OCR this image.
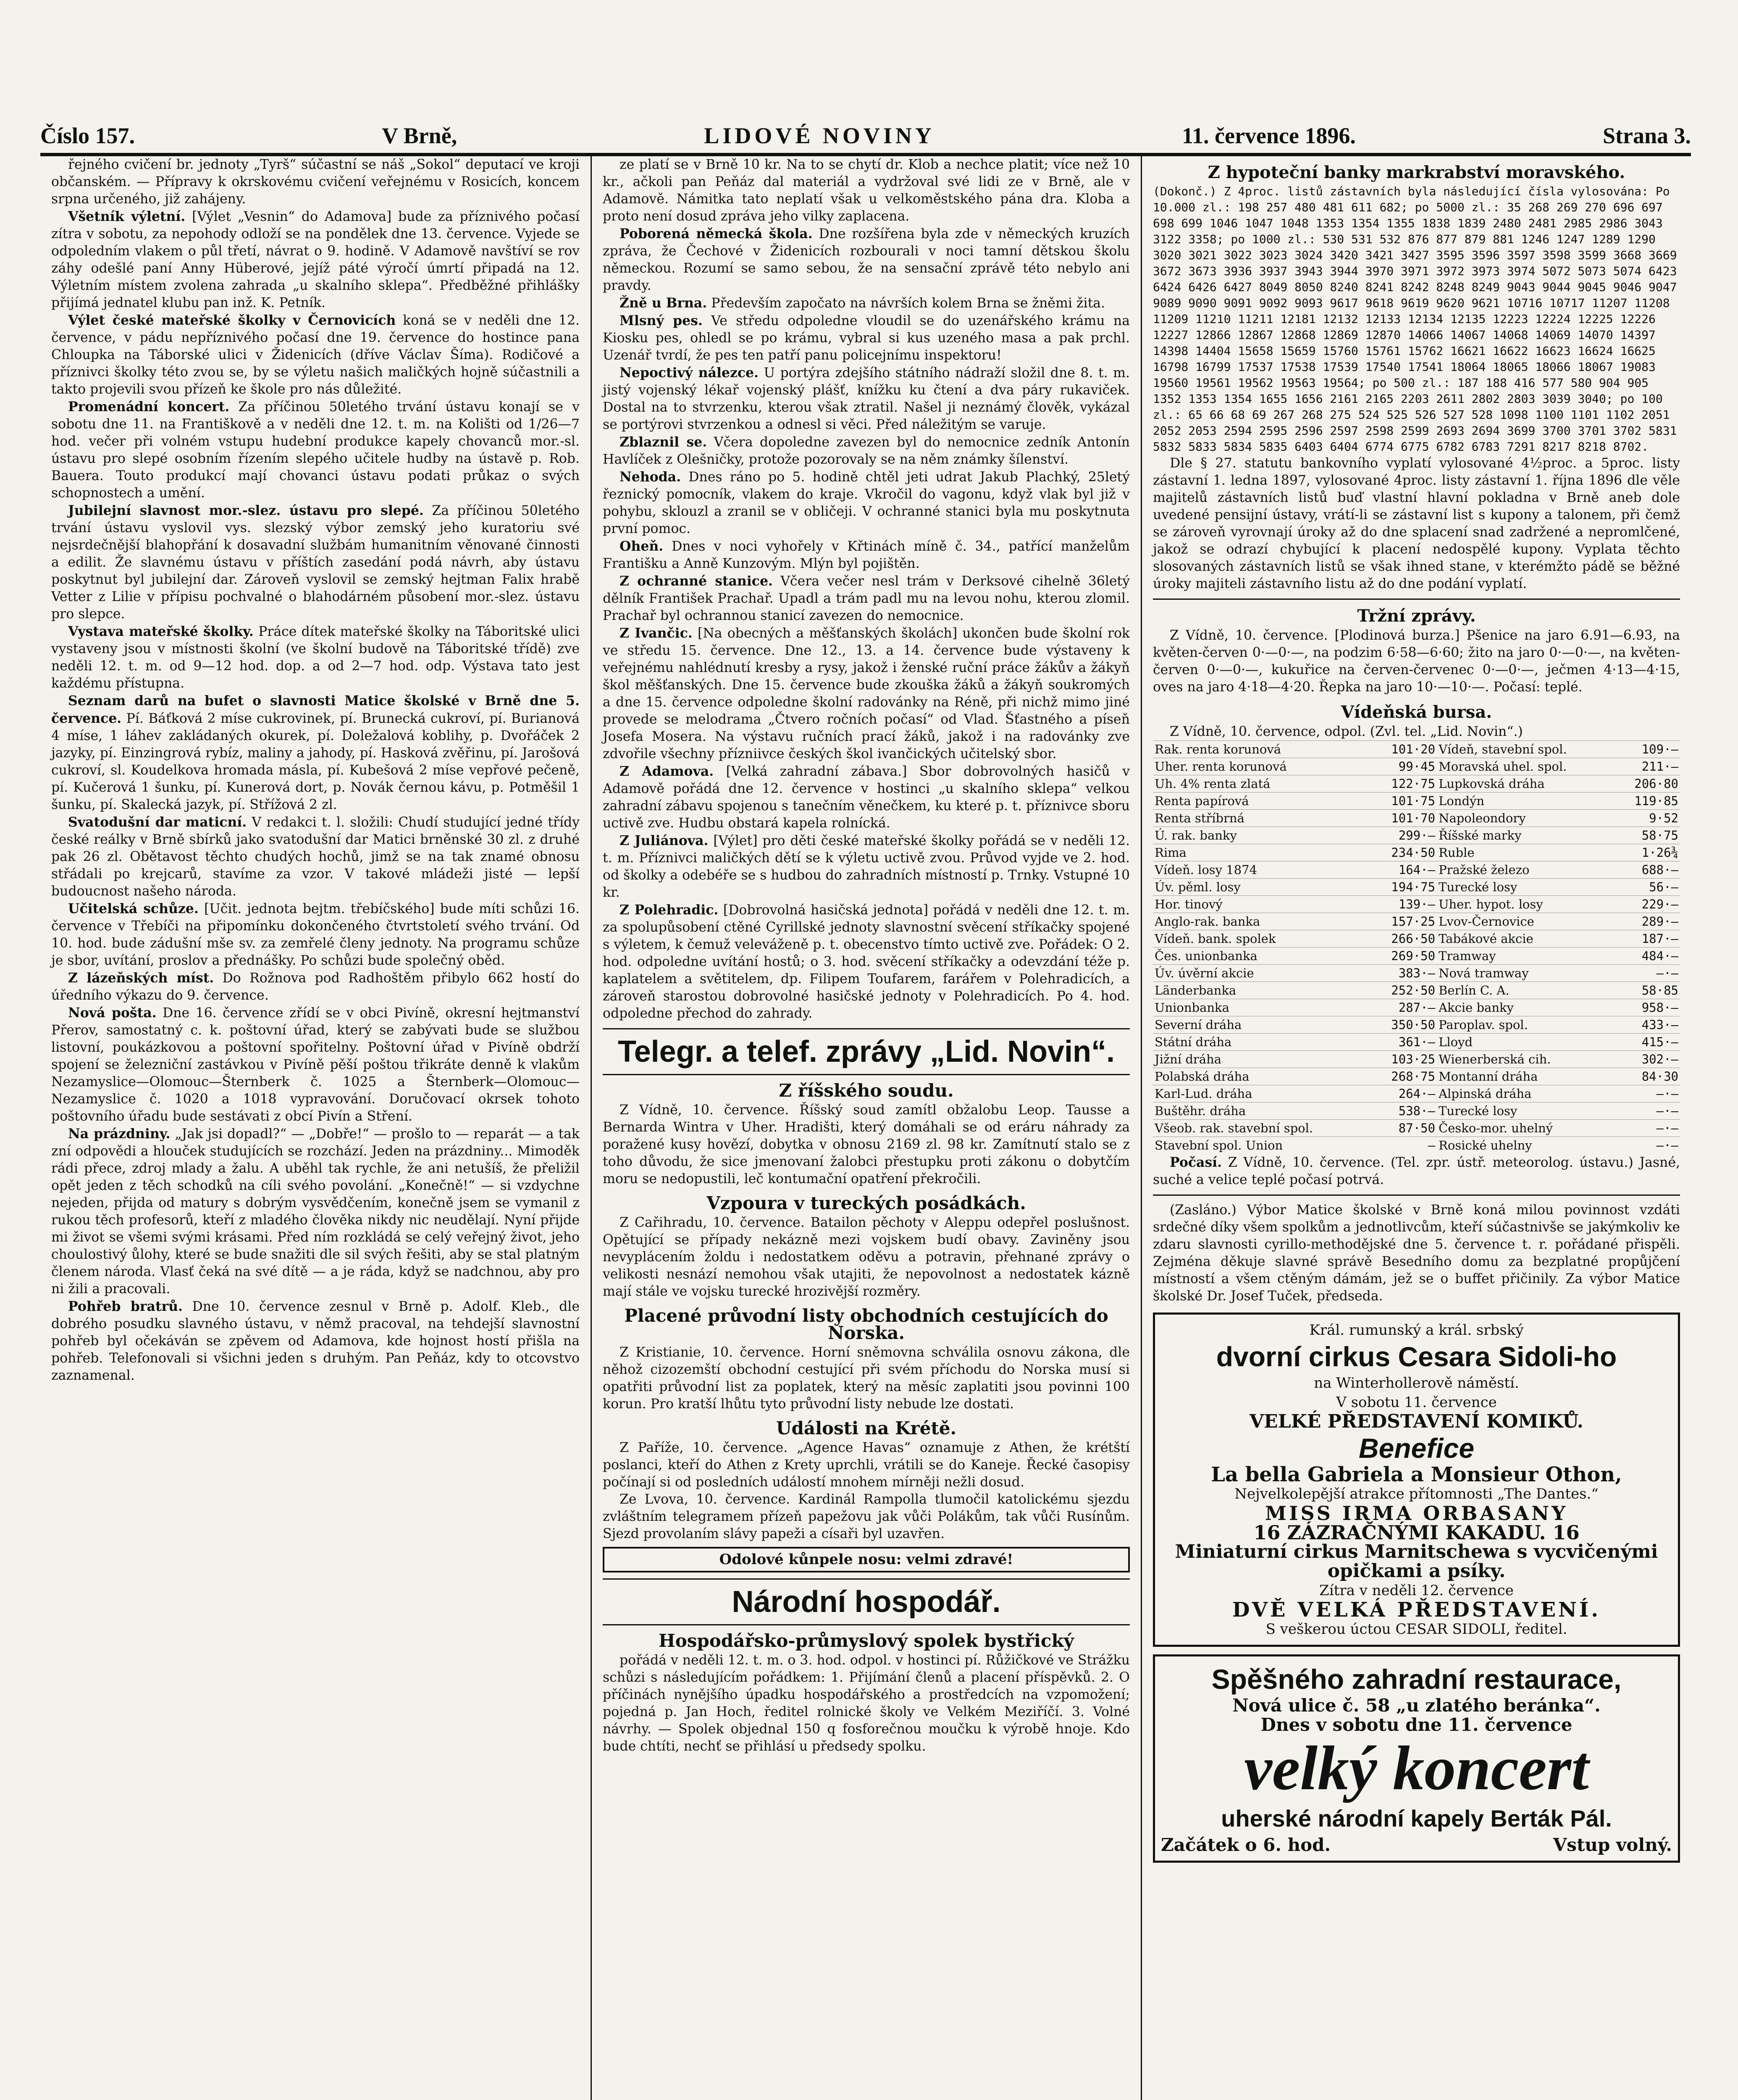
Číslo 157.	V Brně,	LIDOVÉ NOVINY	11. července 1896.	Strana 3.

řejného cvičení br. jednoty „Tyrš“ súčastní se náš „Sokol“ deputací ve kroji občanském. — Přípravy k okrskovému cvičení veřejnému v Rosicích, koncem srpna určeného, již zahájeny.

Všetník výletní. [Výlet „Vesnin“ do Adamova] bude za příznivého počasí zítra v sobotu, za nepohody odloží se na pondělek dne 13. července. Vyjede se odpoledním vlakem o půl třetí, návrat o 9. hodině. V Adamově navštíví se rov záhy odešlé paní Anny Hüberové, jejíž páté výročí úmrtí připadá na 12. Výletním místem zvolena zahrada „u skalního sklepa“. Předběžné přihlášky přijímá jednatel klubu pan inž. K. Petník.

Výlet české mateřské školky v Černovicích koná se v neděli dne 12. července, v pádu nepříznivého počasí dne 19. července do hostince pana Chloupka na Táborské ulici v Židenicích (dříve Václav Šíma). Rodičové a příznivci školky této zvou se, by se výletu našich maličkých hojně súčastnili a takto projevili svou přízeň ke škole pro nás důležité.

Promenádní koncert. Za příčinou 50letého trvání ústavu konají se v sobotu dne 11. na Františkově a v neděli dne 12. t. m. na Kolišti od 1/26—7 hod. večer při volném vstupu hudební produkce kapely chovanců mor.-sl. ústavu pro slepé osobním řízením slepého učitele hudby na ústavě p. Rob. Bauera. Touto produkcí mají chovanci ústavu podati průkaz o svých schopnostech a umění.

Jubilejní slavnost mor.-slez. ústavu pro slepé. Za příčinou 50letého trvání ústavu vyslovil vys. slezský výbor zemský jeho kuratoriu své nejsrdečnější blahopřání k dosavadní službám humanitním věnované činnosti a edilit. Že slavnému ústavu v příštích zasedání podá návrh, aby ústavu poskytnut byl jubilejní dar. Zároveň vyslovil se zemský hejtman Falix hrabě Vetter z Lilie v přípisu pochvalné o blahodárném působení mor.-slez. ústavu pro slepce.

Vystava mateřské školky. Práce dítek mateřské školky na Táboritské ulici vystaveny jsou v místnosti školní (ve školní budově na Táboritské třídě) zve neděli 12. t. m. od 9—12 hod. dop. a od 2—7 hod. odp. Výstava tato jest každému přístupna.

Seznam darů na bufet o slavnosti Matice školské v Brně dne 5. července. Pí. Báťková 2 míse cukrovinek, pí. Brunecká cukroví, pí. Burianová 4 míse, 1 láhev zakládaných okurek, pí. Doležalová koblihy, p. Dvořáček 2 jazyky, pí. Einzingrová rybíz, maliny a jahody, pí. Hasková zvěřinu, pí. Jarošová cukroví, sl. Koudelkova hromada másla, pí. Kubešová 2 míse vepřové pečeně, pí. Kučerová 1 šunku, pí. Kunerová dort, p. Novák černou kávu, p. Potměšil 1 šunku, pí. Skalecká jazyk, pí. Střížová 2 zl.

Svatodušní dar maticní. V redakci t. l. složili: Chudí studující jedné třídy české reálky v Brně sbírků jako svatodušní dar Matici brněnské 30 zl. z druhé pak 26 zl. Obětavost těchto chudých hochů, jimž se na tak znamé obnosu střádali po krejcarů, stavíme za vzor. V takové mládeži jisté — lepší budoucnost našeho národa.

Učitelská schůze. [Učit. jednota bejtm. třebíčského] bude míti schůzi 16. července v Třebíči na připomínku dokončeného čtvrtstoletí svého trvání. Od 10. hod. bude zádušní mše sv. za zemřelé členy jednoty. Na programu schůze je sbor, uvítání, proslov a přednášky. Po schůzi bude společný oběd.

Z lázeňských míst. Do Rožnova pod Radhoštěm přibylo 662 hostí do úředního výkazu do 9. července.

Nová pošta. Dne 16. července zřídí se v obci Pivíně, okresní hejtmanství Přerov, samostatný c. k. poštovní úřad, který se zabývati bude se službou listovní, poukázkovou a poštovní spořitelny. Poštovní úřad v Pivíně obdrží spojení se železniční zastávkou v Pivíně pěší poštou třikráte denně k vlakům Nezamyslice—Olomouc—Šternberk č. 1025 a Šternberk—Olomouc—Nezamyslice č. 1020 a 1018 vypravování. Doručovací okrsek tohoto poštovního úřadu bude sestávati z obcí Pivín a Stření.

Na prázdniny. „Jak jsi dopadl?“ — „Dobře!“ — prošlo to — reparát — a tak zní odpovědi a hlouček studujících se rozchází. Jeden na prázdniny... Mimoděk rádi přece, zdroj mlady a žalu. A uběhl tak rychle, že ani netušíš, že přeližil opět jeden z těch schodků na cíli svého povolání. „Konečně!“ — si vzdychne nejeden, přijda od matury s dobrým vysvědčením, konečně jsem se vymanil z rukou těch profesorů, kteří z mladého člověka nikdy nic neudělají. Nyní přijde mi život se všemi svými krásami. Před ním rozkládá se celý veřejný život, jeho choulostivý ůlohy, které se bude snažiti dle sil svých řešiti, aby se stal platným členem národa. Vlasť čeká na své dítě — a je ráda, když se nadchnou, aby pro ni žili a pracovali.

Pohřeb bratrů. Dne 10. července zesnul v Brně p. Adolf. Kleb., dle dobrého posudku slavného ústavu, v němž pracoval, na tehdejší slavnostní pohřeb byl očekáván se zpěvem od Adamova, kde hojnost hostí přišla na pohřeb. Telefonovali si všichni jeden s druhým. Pan Peňáz, kdy to otcovstvo zaznamenal.

ze platí se v Brně 10 kr. Na to se chytí dr. Klob a nechce platit; více než 10 kr., ačkoli pan Peňáz dal materiál a vydržoval své lidi ze v Brně, ale v Adamově. Námitka tato neplatí však u velkoměstského pána dra. Kloba a proto není dosud zpráva jeho vilky zaplacena.

Poborená německá škola. Dne rozšířena byla zde v německých kruzích zpráva, že Čechové v Židenicích rozbourali v noci tamní dětskou školu německou. Rozumí se samo sebou, že na sensační zprávě této nebylo ani pravdy.

Žně u Brna. Především započato na návrších kolem Brna se žněmi žita.

Mlsný pes. Ve středu odpoledne vloudil se do uzenářského krámu na Kiosku pes, ohledl se po krámu, vybral si kus uzeného masa a pak prchl. Uzenář tvrdí, že pes ten patří panu policejnímu inspektoru!

Nepoctivý nálezce. U portýra zdejšího státního nádraží složil dne 8. t. m. jistý vojenský lékař vojenský plášť, knížku ku čtení a dva páry rukaviček. Dostal na to stvrzenku, kterou však ztratil. Našel ji neznámý člověk, vykázal se portýrovi stvrzenkou a odnesl si věci. Před náležitým se varuje.

Zblaznil se. Včera dopoledne zavezen byl do nemocnice zedník Antonín Havlíček z Olešničky, protože pozorovaly se na něm známky šílenství.

Nehoda. Dnes ráno po 5. hodině chtěl jeti udrat Jakub Plachký, 25letý řeznický pomocník, vlakem do kraje. Vkročil do vagonu, když vlak byl již v pohybu, sklouzl a zranil se v obličeji. V ochranné stanici byla mu poskytnuta první pomoc.

Oheň. Dnes v noci vyhořely v Křtinách míně č. 34., patřící manželům Františku a Anně Kunzovým. Mlýn byl pojištěn.

Z ochranné stanice. Včera večer nesl trám v Derksové cihelně 36letý dělník František Prachař. Upadl a trám padl mu na levou nohu, kterou zlomil. Prachař byl ochrannou stanicí zavezen do nemocnice.

Z Ivančic. [Na obecných a měšťanských školách] ukončen bude školní rok ve středu 15. července. Dne 12., 13. a 14. července bude výstaveny k veřejnému nahlédnutí kresby a rysy, jakož i ženské ruční práce žákův a žákyň škol měšťanských. Dne 15. července bude zkouška žáků a žákyň soukromých a dne 15. července odpoledne školní radovánky na Réně, při nichž mimo jiné provede se melodrama „Čtvero ročních počasí“ od Vlad. Šťastného a píseň Josefa Mosera. Na výstavu ručních prací žáků, jakož i na radovánky zve zdvořile všechny přízniivce českých škol ivančických učitelský sbor.

Z Adamova. [Velká zahradní zábava.] Sbor dobrovolných hasičů v Adamově pořádá dne 12. července v hostinci „u skalního sklepa“ velkou zahradní zábavu spojenou s tanečním věnečkem, ku které p. t. příznivce sboru uctivě zve. Hudbu obstará kapela rolnícká.

Z Juliánova. [Výlet] pro děti české mateřské školky pořádá se v neděli 12. t. m. Příznivci maličkých dětí se k výletu uctivě zvou. Průvod vyjde ve 2. hod. od školky a odebéře se s hudbou do zahradních místností p. Trnky. Vstupné 10 kr.

Z Polehradic. [Dobrovolná hasičská jednota] pořádá v neděli dne 12. t. m. za spolupůsobení ctěné Cyrillské jednoty slavnostní svěcení stříkačky spojené s výletem, k čemuž veleváženě p. t. obecenstvo tímto uctivě zve. Pořádek: O 2. hod. odpoledne uvítání hostů; o 3. hod. svěcení stříkačky a odevzdání téže p. kaplatelem a světitelem, dp. Filipem Toufarem, farářem v Polehradicích, a zároveň starostou dobrovolné hasičské jednoty v Polehradicích. Po 4. hod. odpoledne přechod do zahrady.

Telegr. a telef. zprávy „Lid. Novin“.
Z říšského soudu.

Z Vídně, 10. července. Říšský soud zamítl obžalobu Leop. Tausse a Bernarda Wintra v Uher. Hradišti, který domáhali se od eráru náhrady za poražené kusy hovězí, dobytka v obnosu 2169 zl. 98 kr. Zamítnutí stalo se z toho důvodu, že sice jmenovaní žalobci přestupku proti zákonu o dobytčím moru se nedopustili, leč kontumační opatření překročili.

Vzpoura v tureckých posádkách.

Z Cařihradu, 10. července. Batailon pěchoty v Aleppu odepřel poslušnost. Opětující se případy nekázně mezi vojskem budí obavy. Zaviněny jsou nevyplácením žoldu i nedostatkem oděvu a potravin, přehnané zprávy o velikosti nesnází nemohou však utajiti, že nepovolnost a nedostatek kázně mají stále ve vojsku turecké hrozivější rozměry.

Placené průvodní listy obchodních cestujících do Norska.

Z Kristianie, 10. července. Horní sněmovna schválila osnovu zákona, dle něhož cizozemští obchodní cestující při svém příchodu do Norska musí si opatřiti průvodní list za poplatek, který na měsíc zaplatiti jsou povinni 100 korun. Pro kratší lhůtu tyto průvodní listy nebude lze dostati.

Události na Krétě.

Z Paříže, 10. července. „Agence Havas“ oznamuje z Athen, že krétští poslanci, kteří do Athen z Krety uprchli, vrátili se do Kaneje. Řecké časopisy počínají si od posledních událostí mnohem mírněji nežli dosud.

Ze Lvova, 10. července. Kardinál Rampolla tlumočil katolickému sjezdu zvláštním telegramem přízeň papežovu jak vůči Polákům, tak vůči Rusínům. Sjezd provolaním slávy papeži a císaři byl uzavřen.

Odolové kůnpele nosu: velmi zdravé!
Národní hospodář.
Hospodářsko-průmyslový spolek bystřický

pořádá v neděli 12. t. m. o 3. hod. odpol. v hostinci pí. Růžičkové ve Strážku schůzi s následujícím pořádkem: 1. Přijímání členů a placení příspěvků. 2. O příčinách nynějšího úpadku hospodářského a prostředcích na vzpomožení; pojedná p. Jan Hoch, ředitel rolnické školy ve Velkém Meziříčí. 3. Volné návrhy. — Spolek objednal 150 q fosforečnou moučku k výrobě hnoje. Kdo bude chtíti, nechť se přihlásí u předsedy spolku.

Z hypoteční banky markrabství moravského.
(Dokonč.) Z 4proc. listů zástavních byla následující čísla vylosována: Po 10.000 zl.: 198 257 480 481 611 682; po 5000 zl.: 35 268 269 270 696 697 698 699 1046 1047 1048 1353 1354 1355 1838 1839 2480 2481 2985 2986 3043 3122 3358; po 1000 zl.: 530 531 532 876 877 879 881 1246 1247 1289 1290 3020 3021 3022 3023 3024 3420 3421 3427 3595 3596 3597 3598 3599 3668 3669 3672 3673 3936 3937 3943 3944 3970 3971 3972 3973 3974 5072 5073 5074 6423 6424 6426 6427 8049 8050 8240 8241 8242 8248 8249 9043 9044 9045 9046 9047 9089 9090 9091 9092 9093 9617 9618 9619 9620 9621 10716 10717 11207 11208 11209 11210 11211 12181 12132 12133 12134 12135 12223 12224 12225 12226 12227 12866 12867 12868 12869 12870 14066 14067 14068 14069 14070 14397 14398 14404 15658 15659 15760 15761 15762 16621 16622 16623 16624 16625 16798 16799 17537 17538 17539 17540 17541 18064 18065 18066 18067 19083 19560 19561 19562 19563 19564; po 500 zl.: 187 188 416 577 580 904 905 1352 1353 1354 1655 1656 2161 2165 2203 2611 2802 2803 3039 3040; po 100 zl.: 65 66 68 69 267 268 275 524 525 526 527 528 1098 1100 1101 1102 2051 2052 2053 2594 2595 2596 2597 2598 2599 2693 2694 3699 3700 3701 3702 5831 5832 5833 5834 5835 6403 6404 6774 6775 6782 6783 7291 8217 8218 8702.

Dle § 27. statutu bankovního vyplatí vylosované 4½proc. a 5proc. listy zástavní 1. ledna 1897, vylosované 4proc. listy zástavní 1. října 1896 dle věle majitelů zástavních listů buď vlastní hlavní pokladna v Brně aneb dole uvedené pensijní ústavy, vrátí-li se zástavní list s kupony a talonem, při čemž se zároveň vyrovnají úroky až do dne splacení snad zadržené a nepromlčené, jakož se odrazí chybující k placení nedospělé kupony. Vyplata těchto slosovaných zástavních listů se však ihned stane, v kterémžto pádě se běžné úroky majiteli zástavního listu až do dne podání vyplatí.

Tržní zprávy.

Z Vídně, 10. července. [Plodinová burza.] Pšenice na jaro 6.91—6.93, na květen-červen 0·—0·—, na podzim 6·58—6·60; žito na jaro 0·—0·—, na květen-červen 0·—0·—, kukuřice na červen-červenec 0·—0·—, ječmen 4·13—4·15, oves na jaro 4·18—4·20. Řepka na jaro 10·—10·—. Počasí: teplé.

Vídeňská bursa.

Z Vídně, 10. července, odpol. (Zvl. tel. „Lid. Novin“.)

Rak. renta korunová	101·20	Vídeň, stavební spol.	109·—
Uher. renta korunová	99·45	Moravská uhel. spol.	211·—
Uh. 4% renta zlatá	122·75	Lupkovská dráha	206·80
Renta papírová	101·75	Londýn	119·85
Renta stříbrná	101·70	Napoleondory	9·52
Ú. rak. banky	299·—	Říšské marky	58·75
Rima	234·50	Ruble	1·26¾
Vídeň. losy 1874	164·—	Pražské železo	688·—
Úv. pěml. losy	194·75	Turecké losy	56·—
Hor. tinový	139·—	Uher. hypot. losy	229·—
Anglo-rak. banka	157·25	Lvov-Černovice	289·—
Vídeň. bank. spolek	266·50	Tabákové akcie	187·—
Čes. unionbanka	269·50	Tramway	484·—
Úv. úvěrní akcie	383·—	Nová tramway	—·—
Länderbanka	252·50	Berlín C. A.	58·85
Unionbanka	287·—	Akcie banky	958·—
Severní dráha	350·50	Paroplav. spol.	433·—
Státní dráha	361·—	Lloyd	415·—
Jižní dráha	103·25	Wienerberská cih.	302·—
Polabská dráha	268·75	Montanní dráha	84·30
Karl-Lud. dráha	264·—	Alpinská dráha	—·—
Buštěhr. dráha	538·—	Turecké losy	—·—
Všeob. rak. stavební spol.	87·50	Česko-mor. uhelný	—·—
Stavební spol. Union	—	Rosické uhelny	—·—

Počasí. Z Vídně, 10. července. (Tel. zpr. ústř. meteorolog. ústavu.) Jasné, suché a velice teplé počasí potrvá.

(Zasláno.) Výbor Matice školské v Brně koná milou povinnost vzdáti srdečné díky všem spolkům a jednotlivcům, kteří súčastnivše se jakýmkoliv ke zdaru slavnosti cyrillo-methodějské dne 5. července t. r. pořádané přispěli. Zejména děkuje slavné správě Besedního domu za bezplatné propůjčení místností a všem ctěným dámám, jež se o buffet přičinily. Za výbor Matice školské Dr. Josef Tuček, předseda.

Král. rumunský a král. srbský
dvorní cirkus Cesara Sidoli-ho
na Winterhollerově náměstí.
V sobotu 11. července
VELKÉ PŘEDSTAVENÍ KOMIKŮ.
Benefice
La bella Gabriela a Monsieur Othon,
Nejvelkolepější atrakce přítomnosti „The Dantes.“
MISS IRMA ORBASANY
16 ZÁZRAČNÝMI KAKADU. 16
Miniaturní cirkus Marnitschewa s vycvičenými opičkami a psíky.
Zítra v neděli 12. července
DVĚ VELKÁ PŘEDSTAVENÍ.
S veškerou úctou CESAR SIDOLI, ředitel.
Spěšného zahradní restaurace,
Nová ulice č. 58 „u zlatého beránka“.
Dnes v sobotu dne 11. července
velký koncert
uherské národní kapely Berták Pál.
Začátek o 6. hod.	Vstup volný.
